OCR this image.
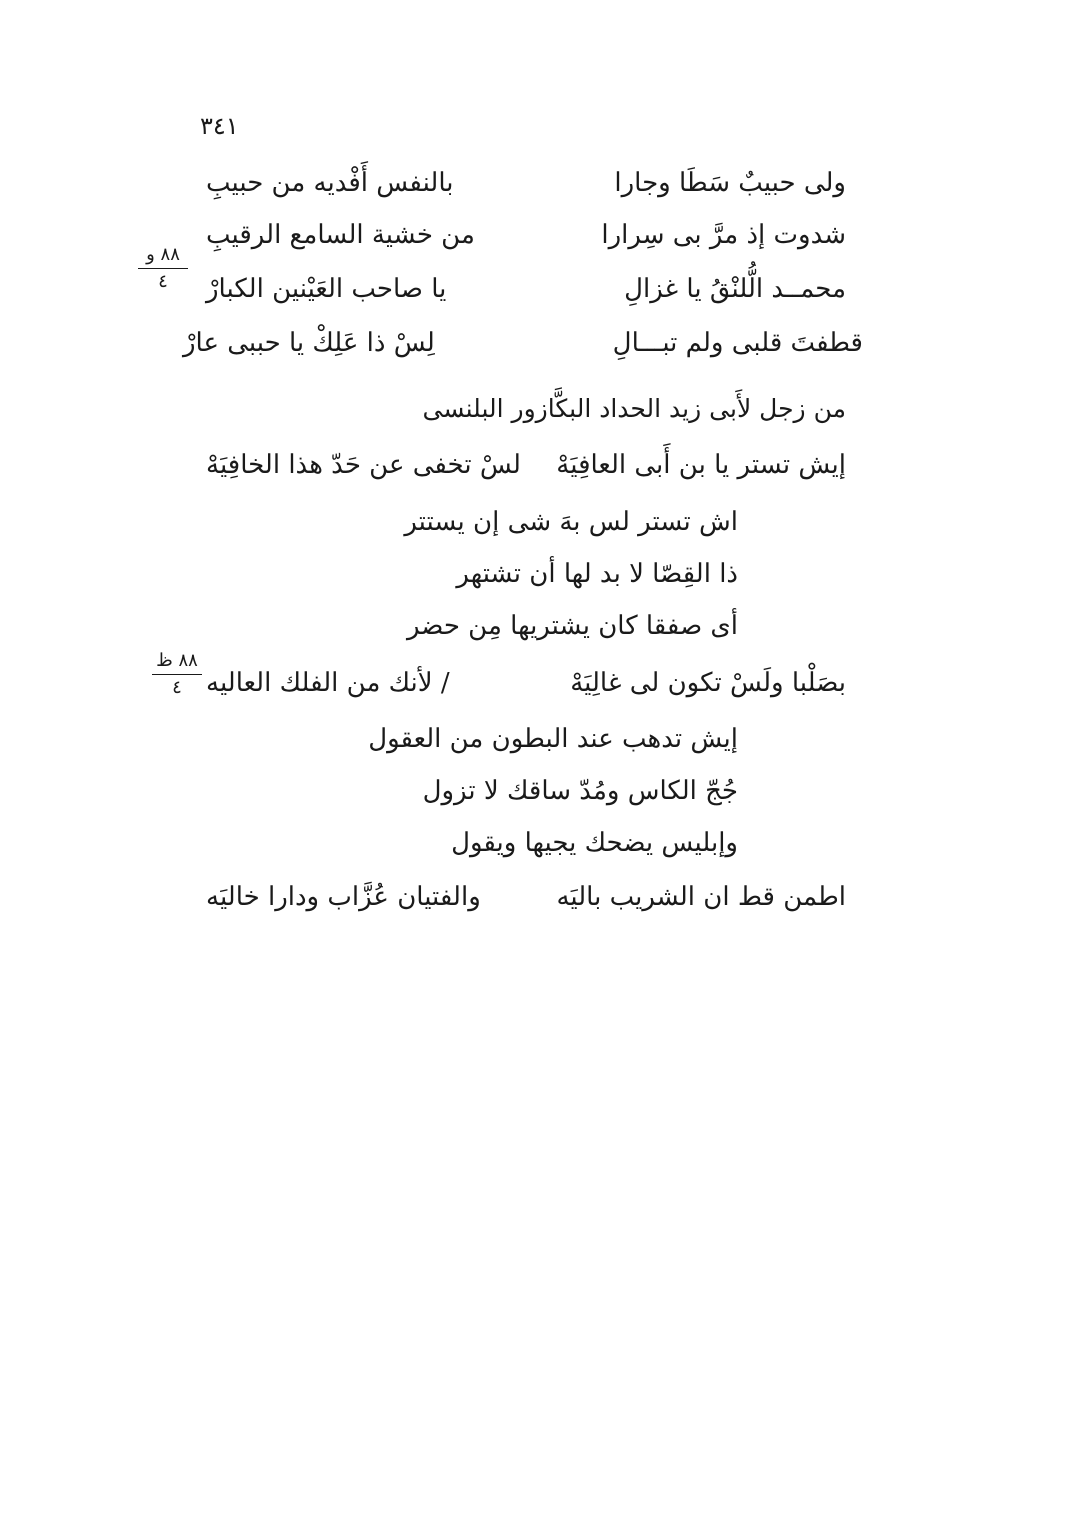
٣٤١
ولى حبيبٌ سَطَا وجارا
بالنفس أَفْديه من حبيبِ
شدوت إذ مرَّ بى سِرارا
من خشية السامع الرقيبِ
محمــد الُّلنْقُ يا غزالِ
يا صاحب العَيْنين الكبارْ
قطفتَ قلبى ولم تبـــالِ
لِسْ ذا عَلِكْ يا حببى عارْ
من زجل لأَبى زيد الحداد البكَّازور البلنسى
إيش تستر يا بن أَبى العافِيَهْ
لسْ تخفى عن حَدّ هذا الخافِيَهْ
اش تستر لس بهَ شى إن يستتر
ذا القِصّا لا بد لها أن تشتهر
أى صفقا كان يشتريها مِن حضر
بصَلْبا ولَسْ تكون لى غالِيَهْ
/ لأنك من الفلك العاليه
إيش تدهب عند البطون من العقول
جُجّ الكاس ومُدّ ساقك لا تزول
وإبليس يضحك يجيها ويقول
اطمن قط ان الشريب باليَه
والفتيان عُزَّاب ودارا خاليَه
٨٨ و
٤
٨٨ ظ
٤
